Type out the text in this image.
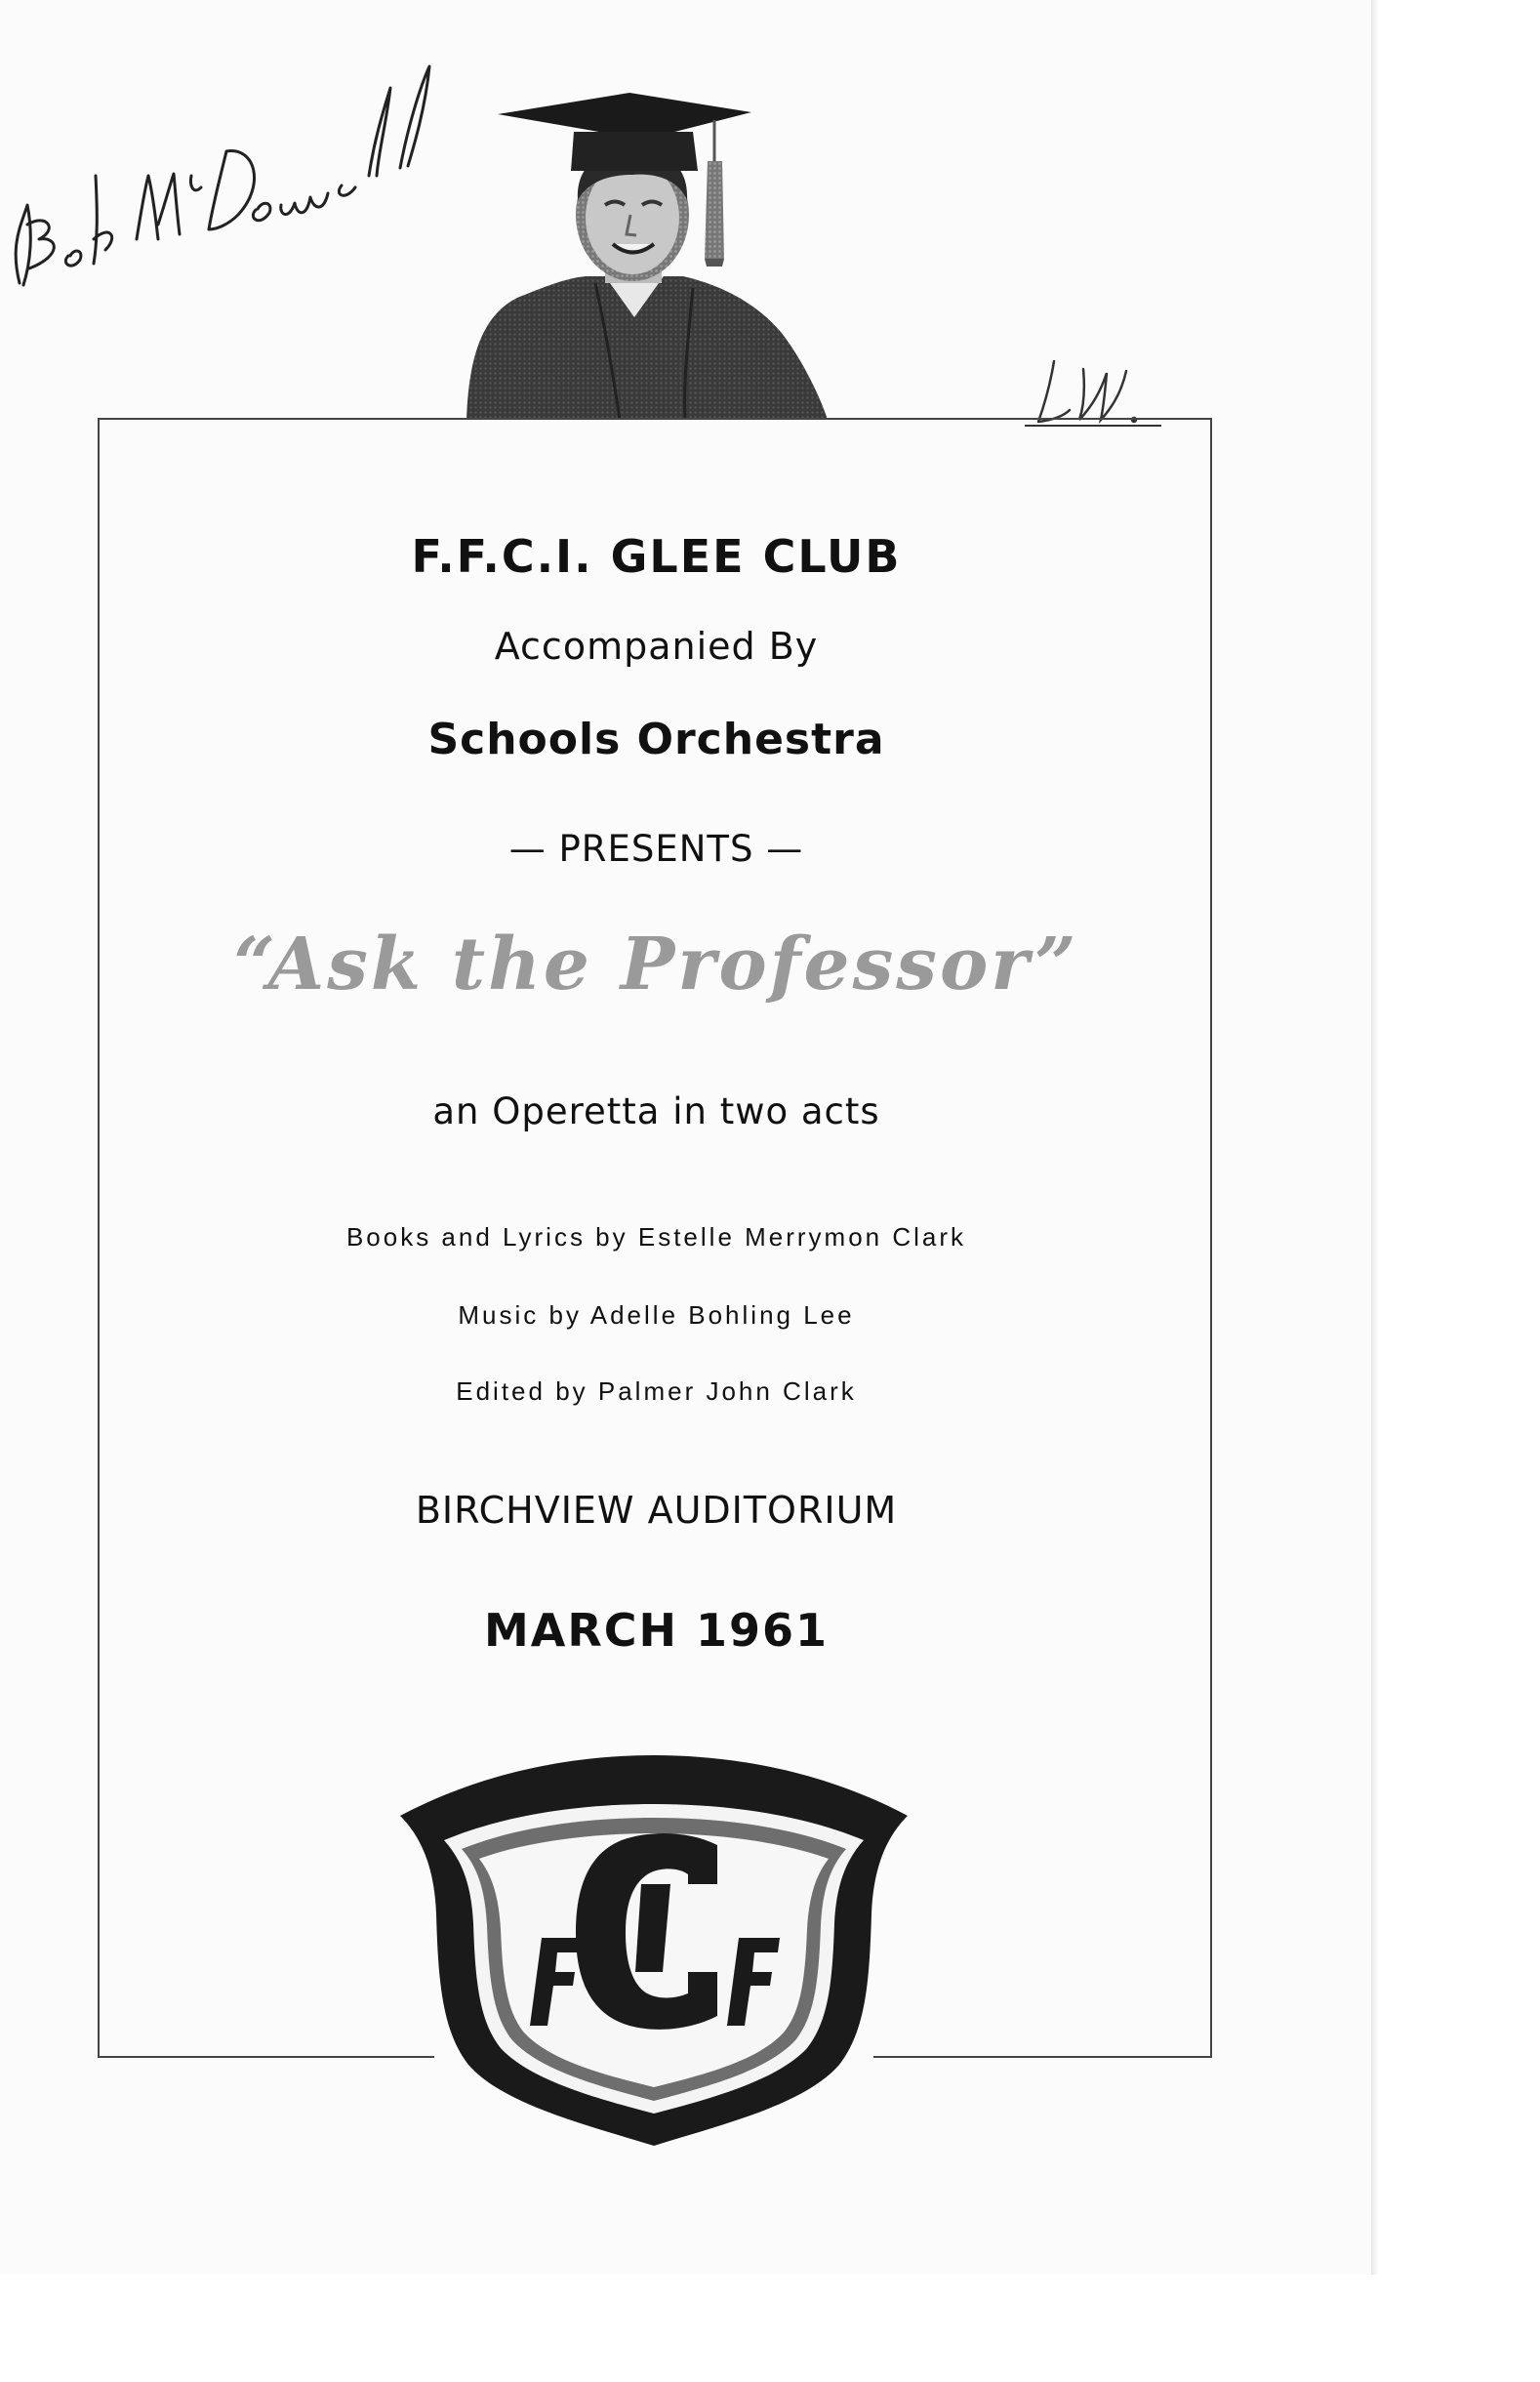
F.F.C.I. GLEE CLUB
Accompanied By
Schools Orchestra
— PRESENTS —
“Ask the Professor”
an Operetta in two acts
Books and Lyrics by Estelle Merrymon Clark
Music by Adelle Bohling Lee
Edited by Palmer John Clark
BIRCHVIEW AUDITORIUM
MARCH 1961
